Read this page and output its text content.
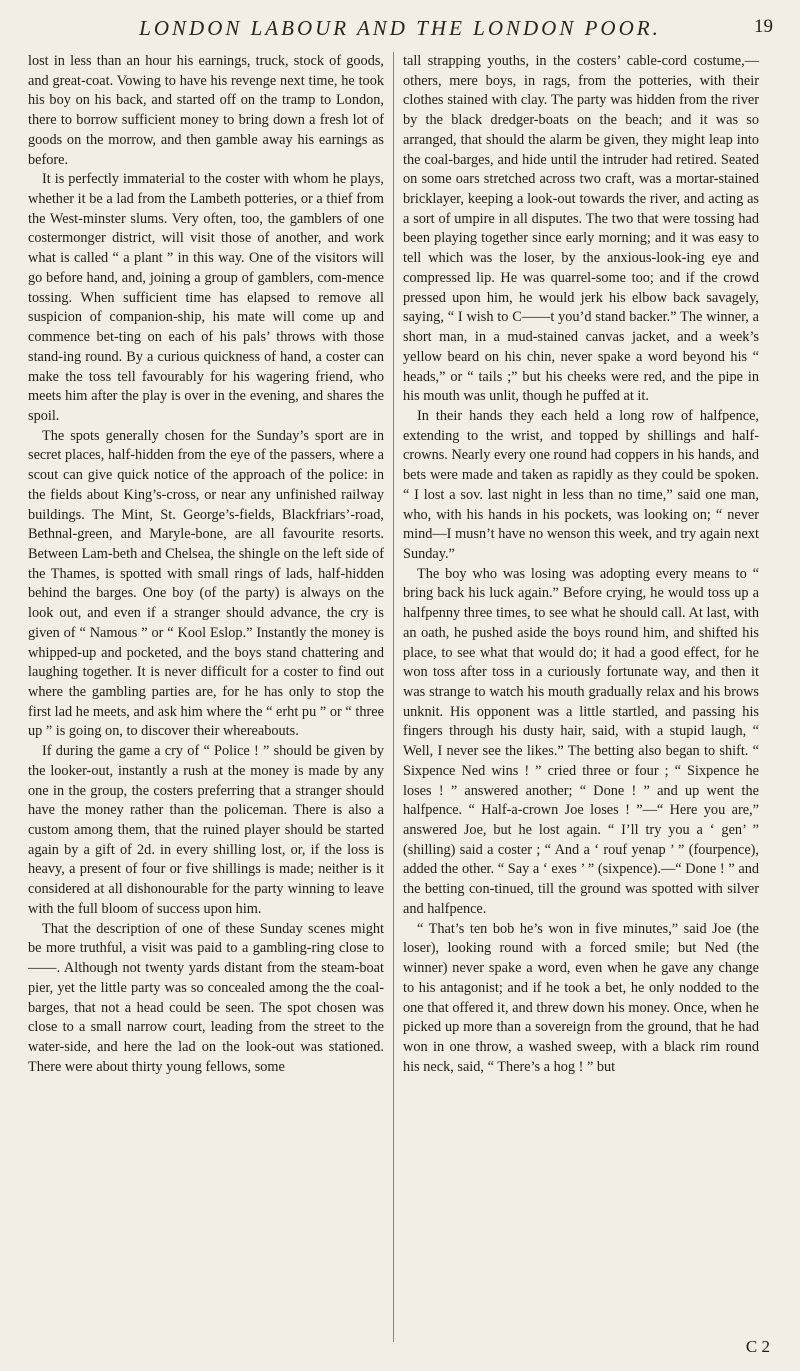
LONDON LABOUR AND THE LONDON POOR.	19

lost in less than an hour his earnings, truck, stock of goods, and great-coat. Vowing to have his revenge next time, he took his boy on his back, and started off on the tramp to London, there to borrow sufficient money to bring down a fresh lot of goods on the morrow, and then gamble away his earnings as before.

It is perfectly immaterial to the coster with whom he plays, whether it be a lad from the Lambeth potteries, or a thief from the West-minster slums. Very often, too, the gamblers of one costermonger district, will visit those of another, and work what is called “ a plant ” in this way. One of the visitors will go before hand, and, joining a group of gamblers, com-mence tossing. When sufficient time has elapsed to remove all suspicion of companion-ship, his mate will come up and commence bet-ting on each of his pals’ throws with those stand-ing round. By a curious quickness of hand, a coster can make the toss tell favourably for his wagering friend, who meets him after the play is over in the evening, and shares the spoil.

The spots generally chosen for the Sunday’s sport are in secret places, half-hidden from the eye of the passers, where a scout can give quick notice of the approach of the police: in the fields about King’s-cross, or near any unfinished railway buildings. The Mint, St. George’s-fields, Blackfriars’-road, Bethnal-green, and Maryle-bone, are all favourite resorts. Between Lam-beth and Chelsea, the shingle on the left side of the Thames, is spotted with small rings of lads, half-hidden behind the barges. One boy (of the party) is always on the look out, and even if a stranger should advance, the cry is given of “ Namous ” or “ Kool Eslop.” Instantly the money is whipped-up and pocketed, and the boys stand chattering and laughing together. It is never difficult for a coster to find out where the gambling parties are, for he has only to stop the first lad he meets, and ask him where the “ erht pu ” or “ three up ” is going on, to discover their whereabouts.

If during the game a cry of “ Police ! ” should be given by the looker-out, instantly a rush at the money is made by any one in the group, the costers preferring that a stranger should have the money rather than the policeman. There is also a custom among them, that the ruined player should be started again by a gift of 2d. in every shilling lost, or, if the loss is heavy, a present of four or five shillings is made; neither is it considered at all dishonourable for the party winning to leave with the full bloom of success upon him.

That the description of one of these Sunday scenes might be more truthful, a visit was paid to a gambling-ring close to ——. Although not twenty yards distant from the steam-boat pier, yet the little party was so concealed among the the coal-barges, that not a head could be seen. The spot chosen was close to a small narrow court, leading from the street to the water-side, and here the lad on the look-out was stationed. There were about thirty young fellows, some

tall strapping youths, in the costers’ cable-cord costume,—others, mere boys, in rags, from the potteries, with their clothes stained with clay. The party was hidden from the river by the black dredger-boats on the beach; and it was so arranged, that should the alarm be given, they might leap into the coal-barges, and hide until the intruder had retired. Seated on some oars stretched across two craft, was a mortar-stained bricklayer, keeping a look-out towards the river, and acting as a sort of umpire in all disputes. The two that were tossing had been playing together since early morning; and it was easy to tell which was the loser, by the anxious-look-ing eye and compressed lip. He was quarrel-some too; and if the crowd pressed upon him, he would jerk his elbow back savagely, saying, “ I wish to C——t you’d stand backer.” The winner, a short man, in a mud-stained canvas jacket, and a week’s yellow beard on his chin, never spake a word beyond his “ heads,” or “ tails ;” but his cheeks were red, and the pipe in his mouth was unlit, though he puffed at it.

In their hands they each held a long row of halfpence, extending to the wrist, and topped by shillings and half-crowns. Nearly every one round had coppers in his hands, and bets were made and taken as rapidly as they could be spoken. “ I lost a sov. last night in less than no time,” said one man, who, with his hands in his pockets, was looking on; “ never mind—I musn’t have no wenson this week, and try again next Sunday.”

The boy who was losing was adopting every means to “ bring back his luck again.” Before crying, he would toss up a halfpenny three times, to see what he should call. At last, with an oath, he pushed aside the boys round him, and shifted his place, to see what that would do; it had a good effect, for he won toss after toss in a curiously fortunate way, and then it was strange to watch his mouth gradually relax and his brows unknit. His opponent was a little startled, and passing his fingers through his dusty hair, said, with a stupid laugh, “ Well, I never see the likes.” The betting also began to shift. “ Sixpence Ned wins ! ” cried three or four ; “ Sixpence he loses ! ” answered another; “ Done ! ” and up went the halfpence. “ Half-a-crown Joe loses ! ”—“ Here you are,” answered Joe, but he lost again. “ I’ll try you a ‘ gen’ ” (shilling) said a coster ; “ And a ‘ rouf yenap ’ ” (fourpence), added the other. “ Say a ‘ exes ’ ” (sixpence).—“ Done ! ” and the betting con-tinued, till the ground was spotted with silver and halfpence.

“ That’s ten bob he’s won in five minutes,” said Joe (the loser), looking round with a forced smile; but Ned (the winner) never spake a word, even when he gave any change to his antagonist; and if he took a bet, he only nodded to the one that offered it, and threw down his money. Once, when he picked up more than a sovereign from the ground, that he had won in one throw, a washed sweep, with a black rim round his neck, said, “ There’s a hog ! ” but

C 2
